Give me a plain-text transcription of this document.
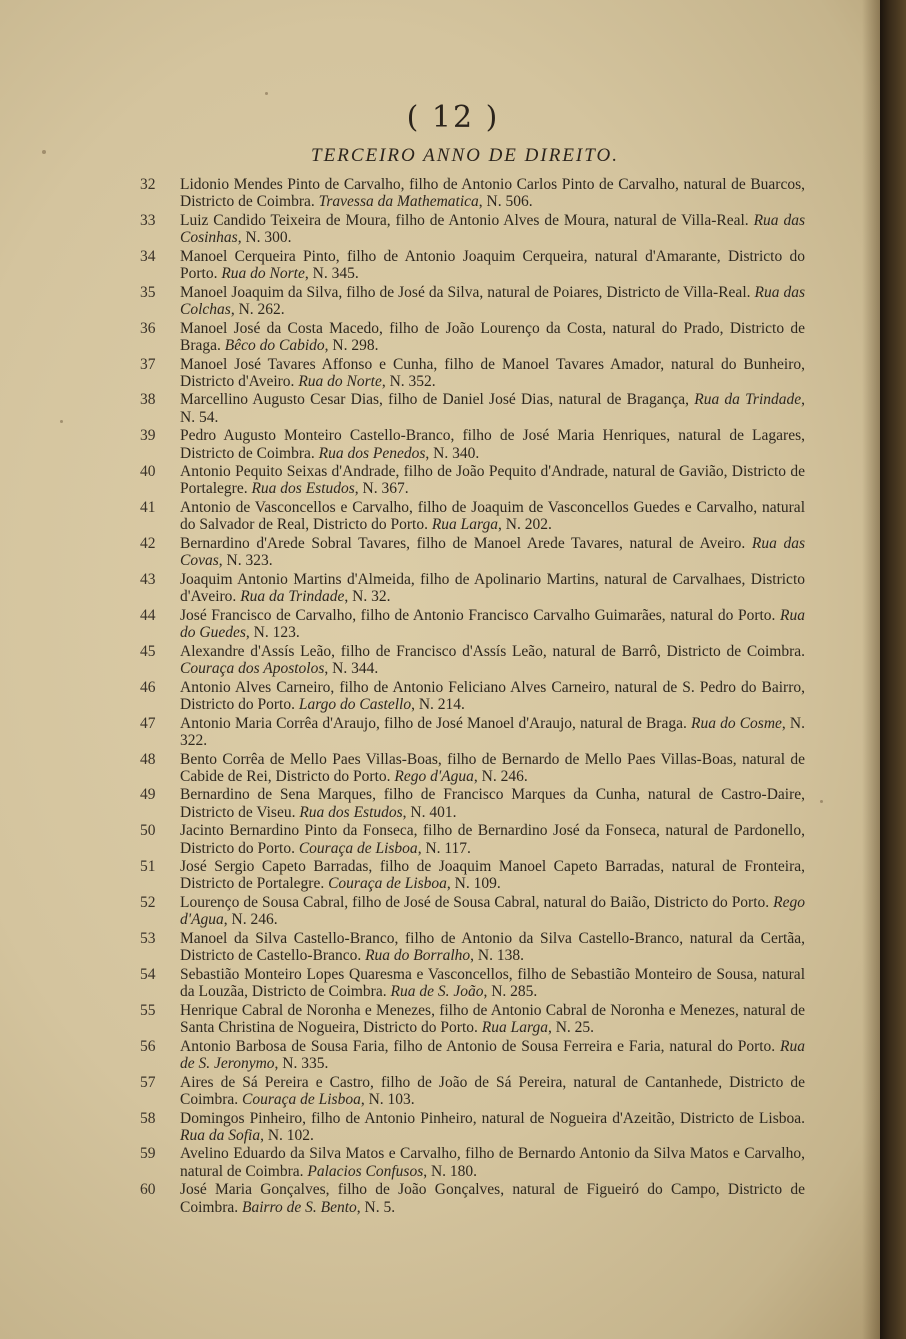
( 12 )
TERCEIRO ANNO DE DIREITO.
32	Lidonio Mendes Pinto de Carvalho, filho de Antonio Carlos Pinto de Carvalho, natural de Buarcos, Districto de Coimbra. Travessa da Mathematica, N. 506.
33	Luiz Candido Teixeira de Moura, filho de Antonio Alves de Moura, natural de Villa-Real. Rua das Cosinhas, N. 300.
34	Manoel Cerqueira Pinto, filho de Antonio Joaquim Cerqueira, natural d'Amarante, Districto do Porto. Rua do Norte, N. 345.
35	Manoel Joaquim da Silva, filho de José da Silva, natural de Poiares, Districto de Villa-Real. Rua das Colchas, N. 262.
36	Manoel José da Costa Macedo, filho de João Lourenço da Costa, natural do Prado, Districto de Braga. Bêco do Cabido, N. 298.
37	Manoel José Tavares Affonso e Cunha, filho de Manoel Tavares Amador, natural do Bunheiro, Districto d'Aveiro. Rua do Norte, N. 352.
38	Marcellino Augusto Cesar Dias, filho de Daniel José Dias, natural de Bragança, Rua da Trindade, N. 54.
39	Pedro Augusto Monteiro Castello-Branco, filho de José Maria Henriques, natural de Lagares, Districto de Coimbra. Rua dos Penedos, N. 340.
40	Antonio Pequito Seixas d'Andrade, filho de João Pequito d'Andrade, natural de Gavião, Districto de Portalegre. Rua dos Estudos, N. 367.
41	Antonio de Vasconcellos e Carvalho, filho de Joaquim de Vasconcellos Guedes e Carvalho, natural do Salvador de Real, Districto do Porto. Rua Larga, N. 202.
42	Bernardino d'Arede Sobral Tavares, filho de Manoel Arede Tavares, natural de Aveiro. Rua das Covas, N. 323.
43	Joaquim Antonio Martins d'Almeida, filho de Apolinario Martins, natural de Carvalhaes, Districto d'Aveiro. Rua da Trindade, N. 32.
44	José Francisco de Carvalho, filho de Antonio Francisco Carvalho Guimarães, natural do Porto. Rua do Guedes, N. 123.
45	Alexandre d'Assís Leão, filho de Francisco d'Assís Leão, natural de Barrô, Districto de Coimbra. Couraça dos Apostolos, N. 344.
46	Antonio Alves Carneiro, filho de Antonio Feliciano Alves Carneiro, natural de S. Pedro do Bairro, Districto do Porto. Largo do Castello, N. 214.
47	Antonio Maria Corrêa d'Araujo, filho de José Manoel d'Araujo, natural de Braga. Rua do Cosme, N. 322.
48	Bento Corrêa de Mello Paes Villas-Boas, filho de Bernardo de Mello Paes Villas-Boas, natural de Cabide de Rei, Districto do Porto. Rego d'Agua, N. 246.
49	Bernardino de Sena Marques, filho de Francisco Marques da Cunha, natural de Castro-Daire, Districto de Viseu. Rua dos Estudos, N. 401.
50	Jacinto Bernardino Pinto da Fonseca, filho de Bernardino José da Fonseca, natural de Pardonello, Districto do Porto. Couraça de Lisboa, N. 117.
51	José Sergio Capeto Barradas, filho de Joaquim Manoel Capeto Barradas, natural de Fronteira, Districto de Portalegre. Couraça de Lisboa, N. 109.
52	Lourenço de Sousa Cabral, filho de José de Sousa Cabral, natural do Baião, Districto do Porto. Rego d'Agua, N. 246.
53	Manoel da Silva Castello-Branco, filho de Antonio da Silva Castello-Branco, natural da Certãa, Districto de Castello-Branco. Rua do Borralho, N. 138.
54	Sebastião Monteiro Lopes Quaresma e Vasconcellos, filho de Sebastião Monteiro de Sousa, natural da Louzãa, Districto de Coimbra. Rua de S. João, N. 285.
55	Henrique Cabral de Noronha e Menezes, filho de Antonio Cabral de Noronha e Menezes, natural de Santa Christina de Nogueira, Districto do Porto. Rua Larga, N. 25.
56	Antonio Barbosa de Sousa Faria, filho de Antonio de Sousa Ferreira e Faria, natural do Porto. Rua de S. Jeronymo, N. 335.
57	Aires de Sá Pereira e Castro, filho de João de Sá Pereira, natural de Cantanhede, Districto de Coimbra. Couraça de Lisboa, N. 103.
58	Domingos Pinheiro, filho de Antonio Pinheiro, natural de Nogueira d'Azeitão, Districto de Lisboa. Rua da Sofia, N. 102.
59	Avelino Eduardo da Silva Matos e Carvalho, filho de Bernardo Antonio da Silva Matos e Carvalho, natural de Coimbra. Palacios Confusos, N. 180.
60	José Maria Gonçalves, filho de João Gonçalves, natural de Figueiró do Campo, Districto de Coimbra. Bairro de S. Bento, N. 5.
